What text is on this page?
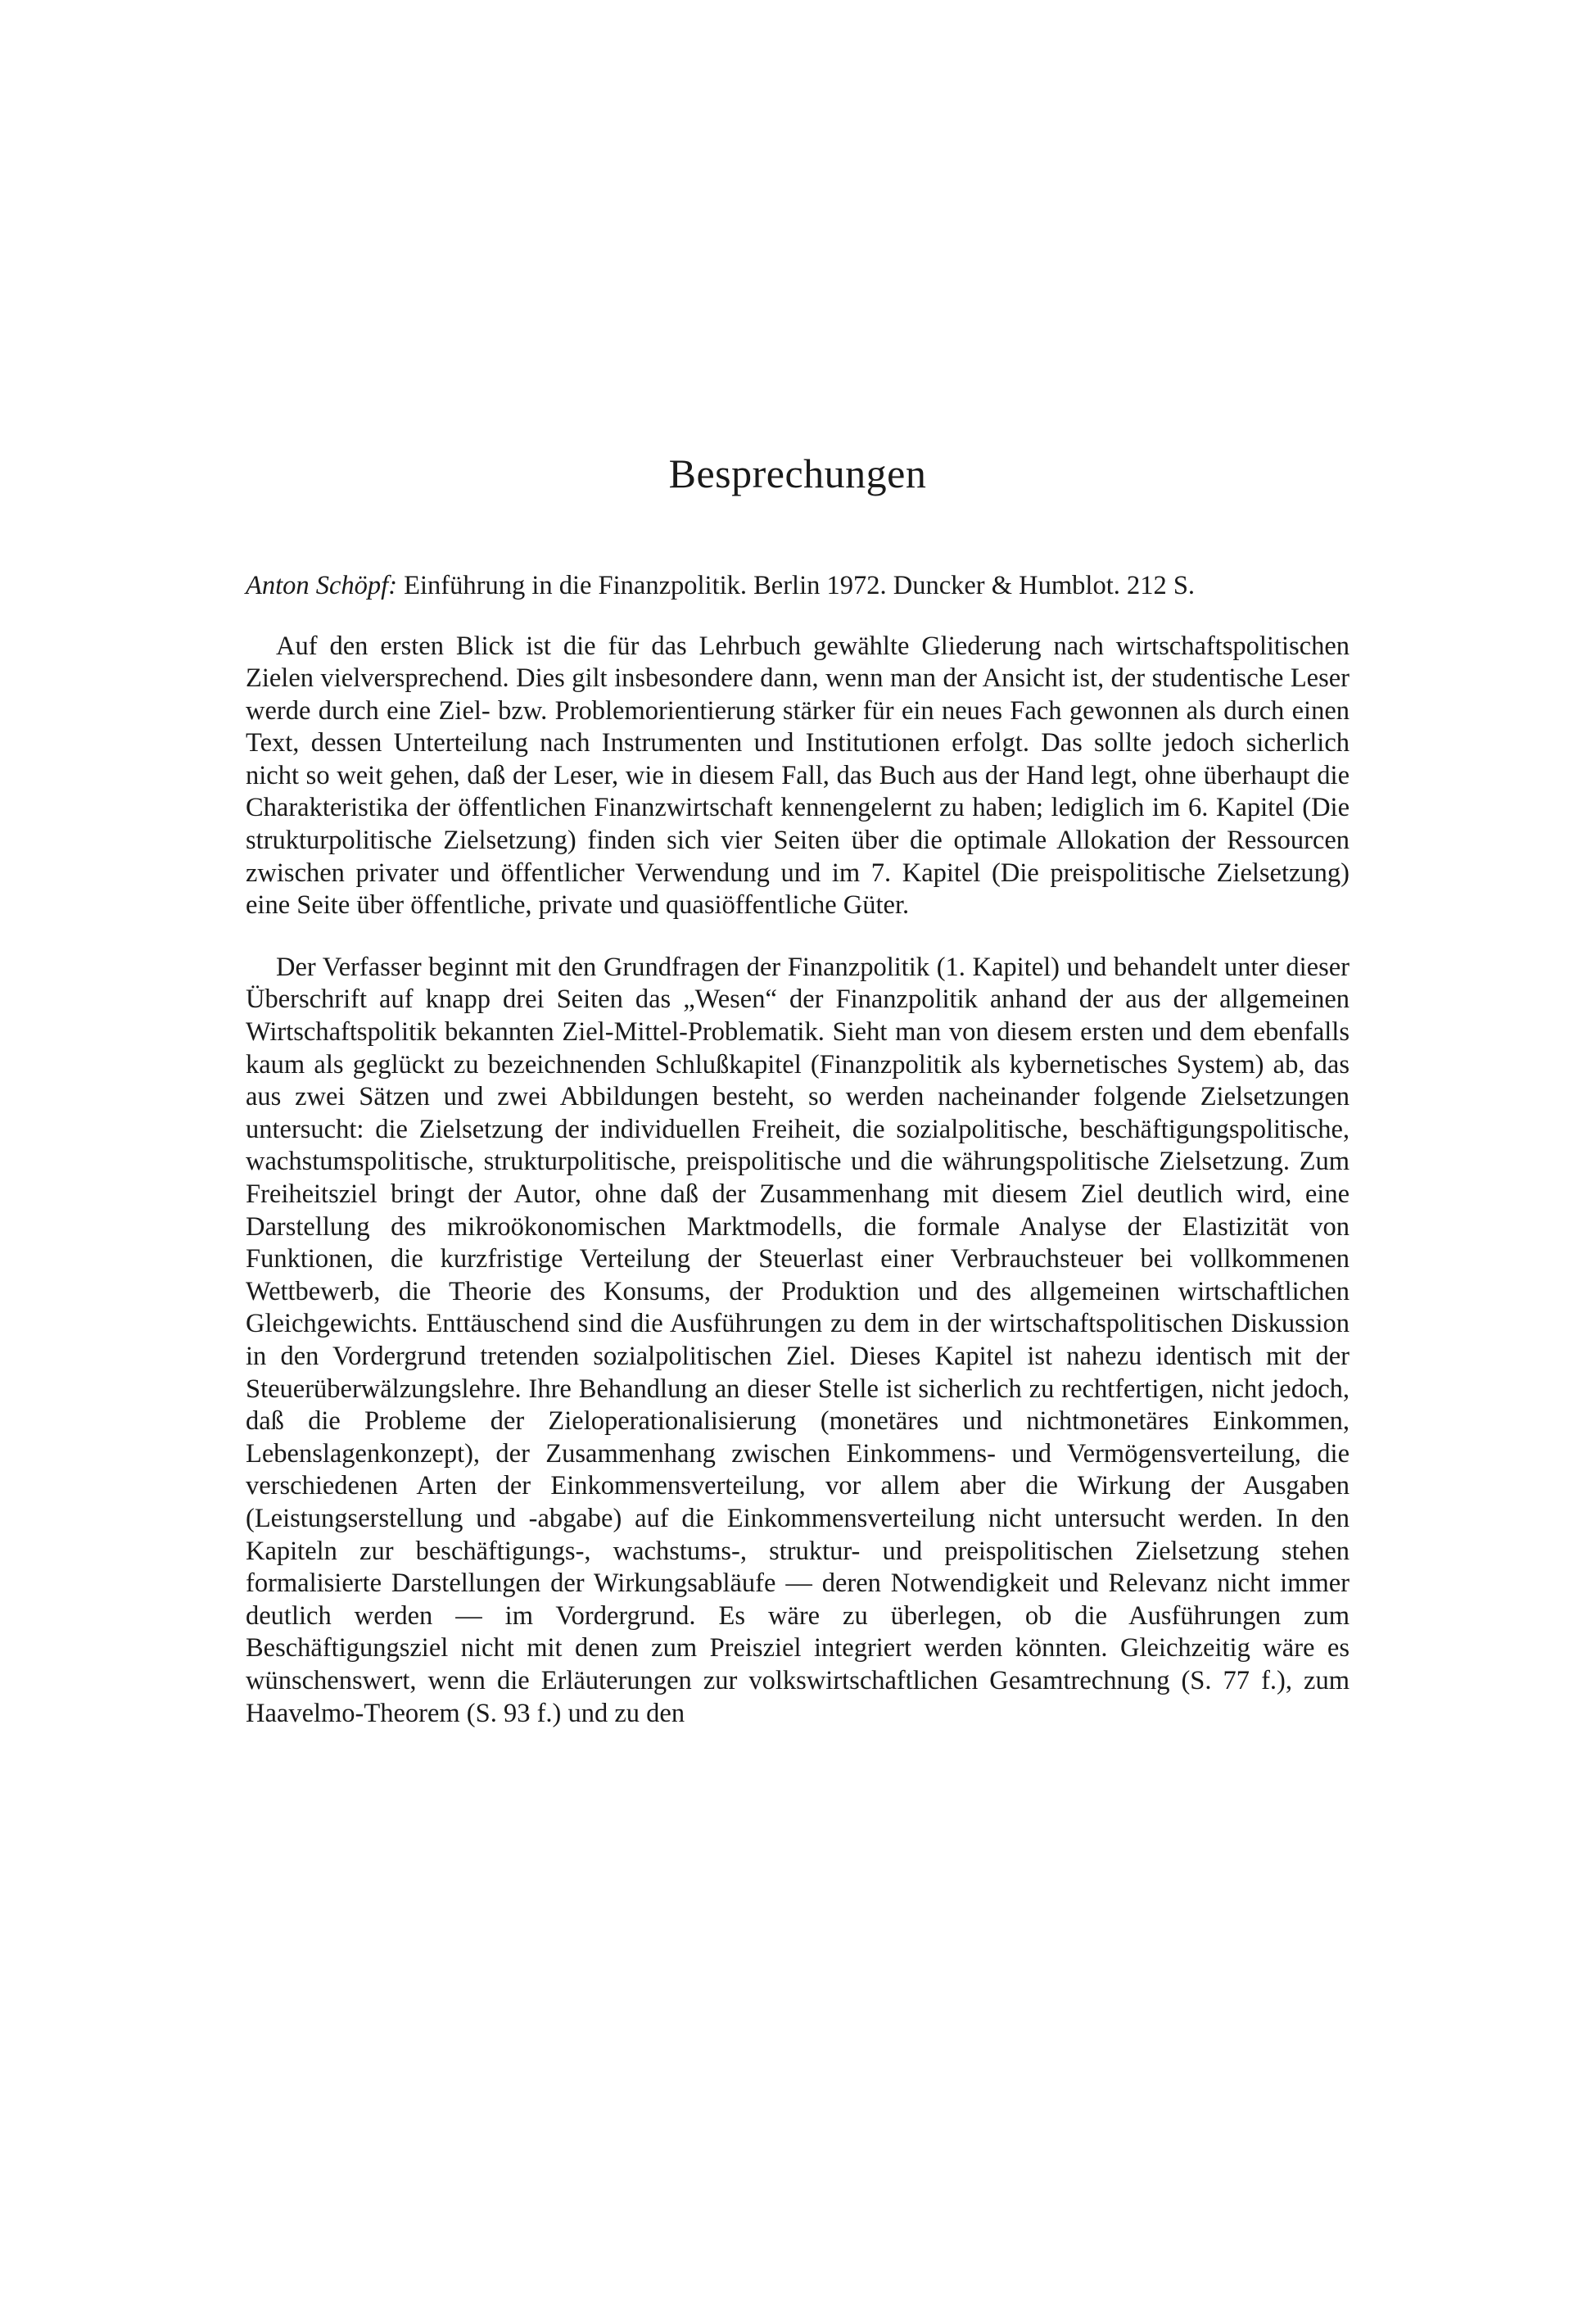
Besprechungen

Anton Schöpf: Einführung in die Finanzpolitik. Berlin 1972. Duncker & Humblot. 212 S.

Auf den ersten Blick ist die für das Lehrbuch gewählte Gliederung nach wirtschaftspolitischen Zielen vielversprechend. Dies gilt insbesondere dann, wenn man der Ansicht ist, der studentische Leser werde durch eine Ziel- bzw. Problemorientierung stärker für ein neues Fach gewonnen als durch einen Text, dessen Unterteilung nach Instrumenten und Institutionen erfolgt. Das sollte jedoch sicherlich nicht so weit gehen, daß der Leser, wie in diesem Fall, das Buch aus der Hand legt, ohne überhaupt die Charakteristika der öffentlichen Finanzwirtschaft kennengelernt zu haben; lediglich im 6. Kapitel (Die strukturpolitische Zielsetzung) finden sich vier Seiten über die optimale Allokation der Ressourcen zwischen privater und öffentlicher Verwendung und im 7. Kapitel (Die preispolitische Zielsetzung) eine Seite über öffentliche, private und quasiöffentliche Güter.

Der Verfasser beginnt mit den Grundfragen der Finanzpolitik (1. Kapitel) und behandelt unter dieser Überschrift auf knapp drei Seiten das „Wesen“ der Finanzpolitik anhand der aus der allgemeinen Wirtschaftspolitik bekannten Ziel-Mittel-Problematik. Sieht man von diesem ersten und dem ebenfalls kaum als geglückt zu bezeichnenden Schlußkapitel (Finanzpolitik als kybernetisches System) ab, das aus zwei Sätzen und zwei Abbildungen besteht, so werden nacheinander folgende Zielsetzungen untersucht: die Zielsetzung der individuellen Freiheit, die sozialpolitische, beschäftigungspolitische, wachstumspolitische, strukturpolitische, preispolitische und die währungspolitische Zielsetzung. Zum Freiheitsziel bringt der Autor, ohne daß der Zusammenhang mit diesem Ziel deutlich wird, eine Darstellung des mikroökonomischen Marktmodells, die formale Analyse der Elastizität von Funktionen, die kurzfristige Verteilung der Steuerlast einer Verbrauchsteuer bei vollkommenen Wettbewerb, die Theorie des Konsums, der Produktion und des allgemeinen wirtschaftlichen Gleichgewichts. Enttäuschend sind die Ausführungen zu dem in der wirtschaftspolitischen Diskussion in den Vordergrund tretenden sozialpolitischen Ziel. Dieses Kapitel ist nahezu identisch mit der Steuerüberwälzungslehre. Ihre Behandlung an dieser Stelle ist sicherlich zu rechtfertigen, nicht jedoch, daß die Probleme der Zieloperationalisierung (monetäres und nichtmonetäres Einkommen, Lebenslagenkonzept), der Zusammenhang zwischen Einkommens- und Vermögensverteilung, die verschiedenen Arten der Einkommensverteilung, vor allem aber die Wirkung der Ausgaben (Leistungserstellung und -abgabe) auf die Einkommensverteilung nicht untersucht werden. In den Kapiteln zur beschäftigungs-, wachstums-, struktur- und preispolitischen Zielsetzung stehen formalisierte Darstellungen der Wirkungsabläufe — deren Notwendigkeit und Relevanz nicht immer deutlich werden — im Vordergrund. Es wäre zu überlegen, ob die Ausführungen zum Beschäftigungsziel nicht mit denen zum Preisziel integriert werden könnten. Gleichzeitig wäre es wünschenswert, wenn die Erläuterungen zur volkswirtschaftlichen Gesamtrechnung (S. 77 f.), zum Haavelmo-Theorem (S. 93 f.) und zu den
